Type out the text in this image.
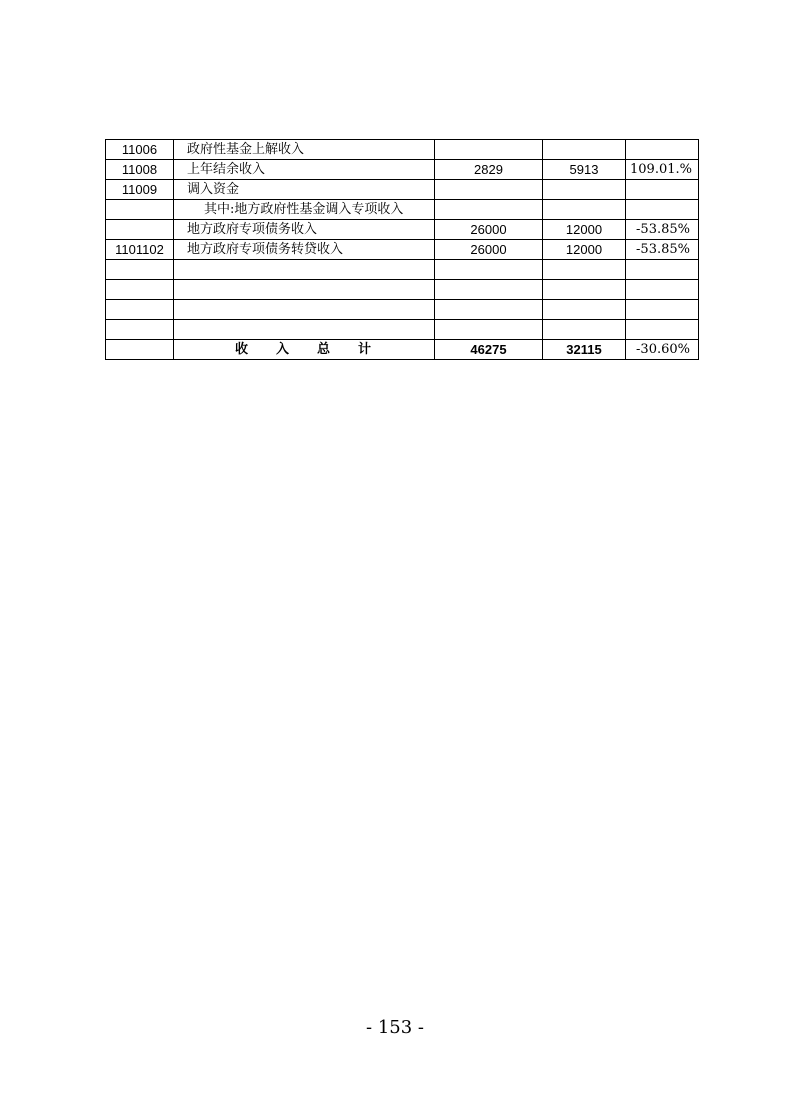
11006	政府性基金上解收入			
11008	上年结余收入	2829	5913	109.01.%
11009	调入资金			
	其中:地方政府性基金调入专项收入			
	地方政府专项债务收入	26000	12000	-53.85%
1101102	地方政府专项债务转贷收入	26000	12000	-53.85%

	收入总计	46275	32115	-30.60%
- 153 -
